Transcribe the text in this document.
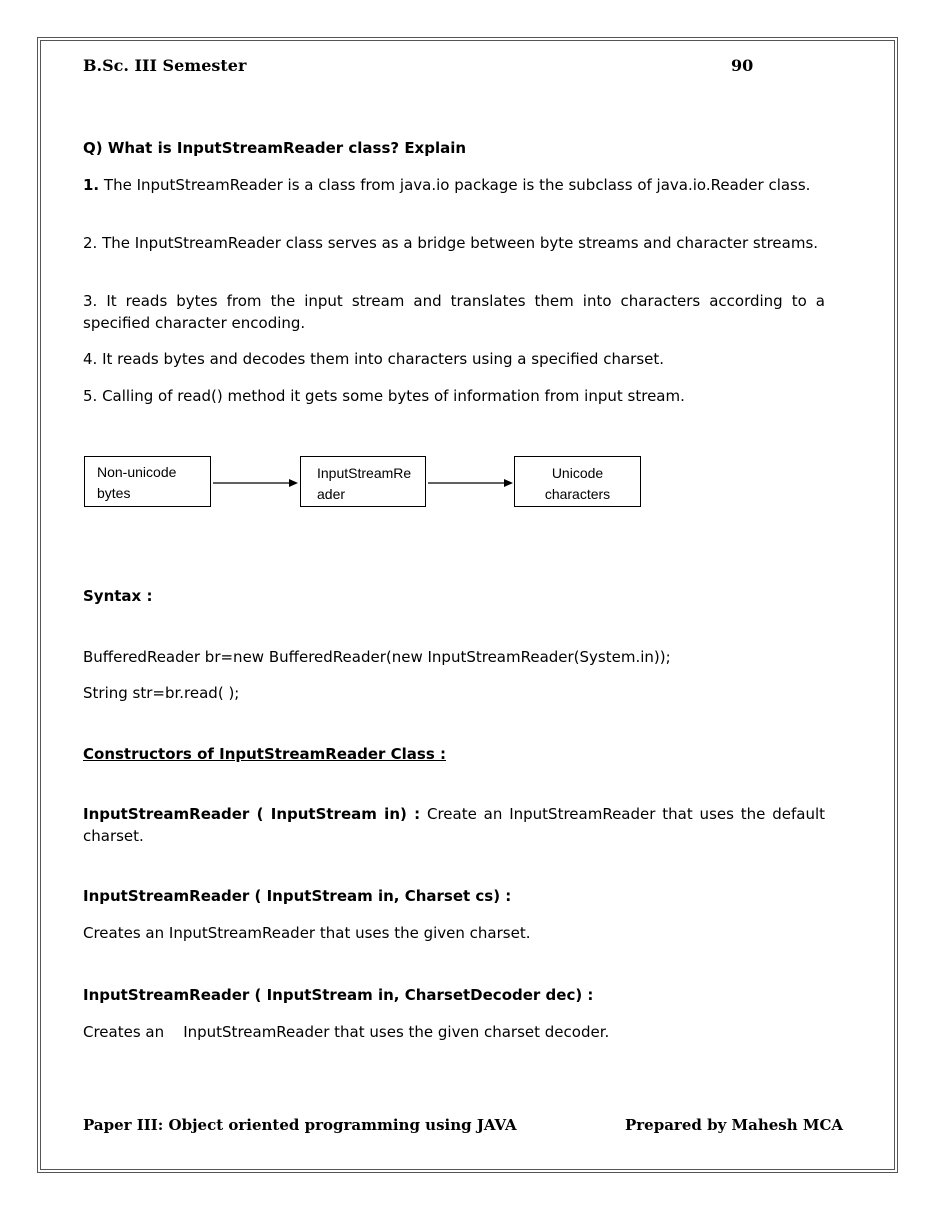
B.Sc. III Semester	90
Q) What is InputStreamReader class? Explain
1. The InputStreamReader is a class from java.io package is the subclass of java.io.Reader class.
2. The InputStreamReader class serves as a bridge between byte streams and character streams.
3. It reads bytes from the input stream and translates them into characters according to a specified character encoding.
4. It reads bytes and decodes them into characters using a specified charset.
5. Calling of read() method it gets some bytes of information from input stream.
Non-unicode bytes
InputStreamReader
Unicode characters
Syntax :
BufferedReader br=new BufferedReader(new InputStreamReader(System.in));
String str=br.read( );
Constructors of InputStreamReader Class :
InputStreamReader ( InputStream in) : Create an InputStreamReader that uses the default charset.
InputStreamReader ( InputStream in, Charset cs) :
Creates an InputStreamReader that uses the given charset.
InputStreamReader ( InputStream in, CharsetDecoder dec) :
Creates an    InputStreamReader that uses the given charset decoder.
Paper III: Object oriented programming using JAVA	Prepared by Mahesh MCA
